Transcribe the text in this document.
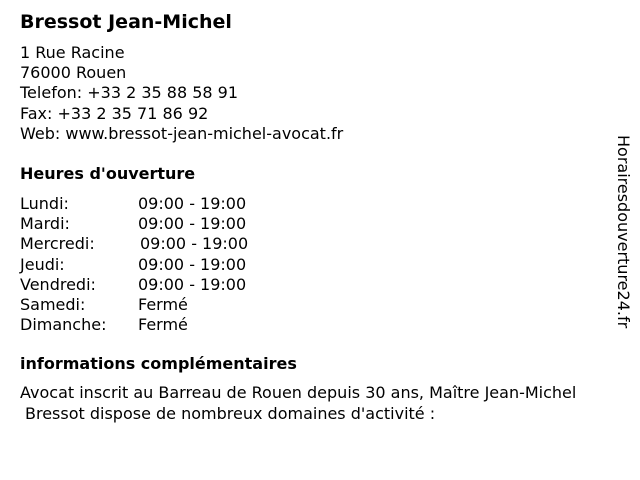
Bressot Jean-Michel
1 Rue Racine
76000 Rouen
Telefon: +33 2 35 88 58 91
Fax: +33 2 35 71 86 92
Web: www.bressot-jean-michel-avocat.fr
Heures d'ouverture
Lundi:	09:00 - 19:00
Mardi:	09:00 - 19:00
Mercredi:	09:00 - 19:00
Jeudi:	09:00 - 19:00
Vendredi:	09:00 - 19:00
Samedi:	Fermé
Dimanche: Fermé
informations complémentaires
Avocat inscrit au Barreau de Rouen depuis 30 ans, Maître Jean-Michel
Bressot dispose de nombreux domaines d'activité :
Horairesdouverture24.fr
